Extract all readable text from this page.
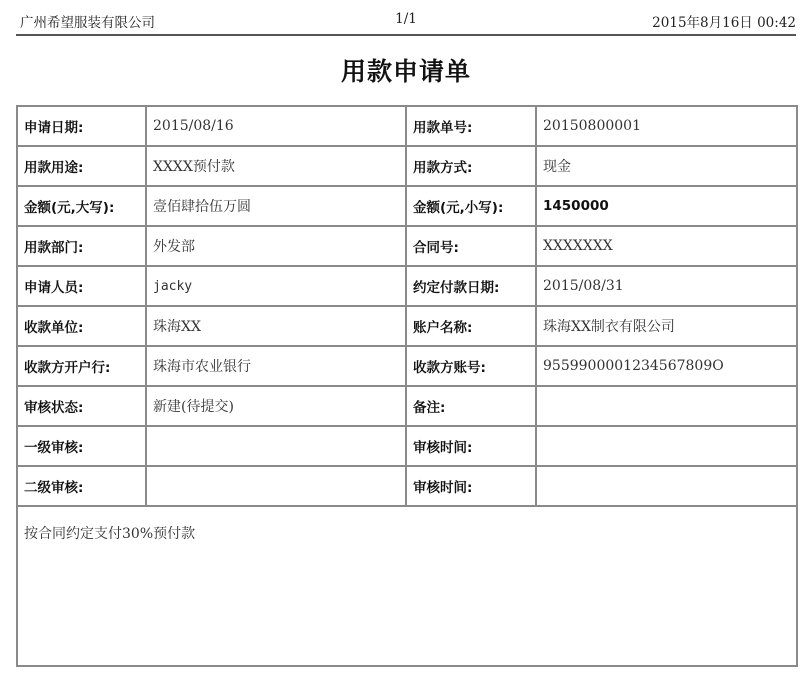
广州希望服装有限公司	1/1	2015年8月16日 00:42
用款申请单
申请日期:	2015/08/16	用款单号:	20150800001
用款用途:	XXXX预付款	用款方式:	现金
金额(元,大写):	壹佰肆拾伍万圆	金额(元,小写):	1450000
用款部门:	外发部	合同号:	XXXXXXX
申请人员:	jacky	约定付款日期:	2015/08/31
收款单位:	珠海XX	账户名称:	珠海XX制衣有限公司
收款方开户行:	珠海市农业银行	收款方账号:	9559900001234567809O
审核状态:	新建(待提交)	备注:	
一级审核:		审核时间:	
二级审核:		审核时间:	
按合同约定支付30%预付款			
